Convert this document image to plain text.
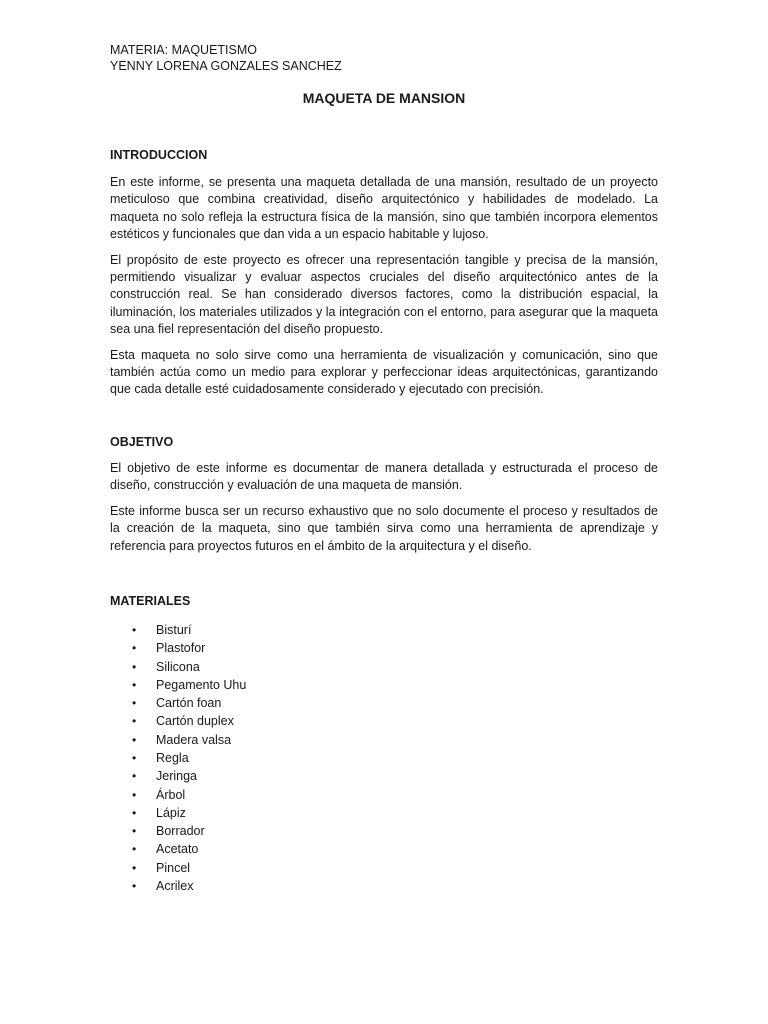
MATERIA: MAQUETISMO

YENNY LORENA GONZALES SANCHEZ

MAQUETA DE MANSION
INTRODUCCION

En este informe, se presenta una maqueta detallada de una mansión, resultado de un proyecto meticuloso que combina creatividad, diseño arquitectónico y habilidades de modelado. La maqueta no solo refleja la estructura física de la mansión, sino que también incorpora elementos estéticos y funcionales que dan vida a un espacio habitable y lujoso.

El propósito de este proyecto es ofrecer una representación tangible y precisa de la mansión, permitiendo visualizar y evaluar aspectos cruciales del diseño arquitectónico antes de la construcción real. Se han considerado diversos factores, como la distribución espacial, la iluminación, los materiales utilizados y la integración con el entorno, para asegurar que la maqueta sea una fiel representación del diseño propuesto.

Esta maqueta no solo sirve como una herramienta de visualización y comunicación, sino que también actúa como un medio para explorar y perfeccionar ideas arquitectónicas, garantizando que cada detalle esté cuidadosamente considerado y ejecutado con precisión.

OBJETIVO

El objetivo de este informe es documentar de manera detallada y estructurada el proceso de diseño, construcción y evaluación de una maqueta de mansión.

Este informe busca ser un recurso exhaustivo que no solo documente el proceso y resultados de la creación de la maqueta, sino que también sirva como una herramienta de aprendizaje y referencia para proyectos futuros en el ámbito de la arquitectura y el diseño.

MATERIALES
• Bisturí
• Plastofor
• Silicona
• Pegamento Uhu
• Cartón foan
• Cartón duplex
• Madera valsa
• Regla
• Jeringa
• Árbol
• Lápiz
• Borrador
• Acetato
• Pincel
• Acrilex
